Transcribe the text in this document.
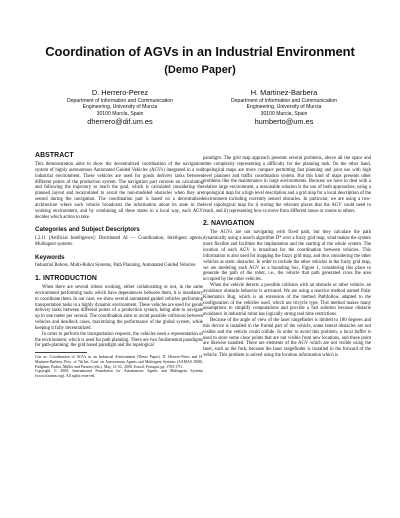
Coordination of AGVs in an Industrial Environment
(Demo Paper)
D. Herrero-Perez
Department of Information and Communication
Engineering, University of Murcia
30100 Murcia, Spain
dherrero@dif.um.es
H. Martinez-Barbera
Department of Information and Communication
Engineering, University of Murcia
30100 Murcia, Spain
humberto@um.es
ABSTRACT

This demonstration aims to show the decentralized coordination of the navigation system of highly autonomous Automated Guided Vehicles (AGVs) integrated in a real industrial environment. These vehicles are used for goods delivery tasks between different points of the production system. The navigation part consists on calculating and following the trajectory to reach the goal, which is calculated considering the planned layout and recalculated to avoid the non-modeled obstacles when they are sensed during the navigation. The coordination part is based on a decentralized architecture where each vehicle broadcasts the information about its state in the working environment, and by combining all these states in a local way, each AGV decides which action to take.

Categories and Subject Descriptors

I.2.11 [Artificial Intelligence]: Distributed AI — Coordination, Intelligent agents, Multiagent systems.

Keywords

Industrial Robots, Multi-Robot Systems, Path Planning, Automated Guided Vehicles

1. INTRODUCTION

When there are several robots working, either collaborating or not, in the same environment performing tasks which have dependences between them, it is mandatory to coordinate them. In our case, we show several automated guided vehicles performing transportation tasks in a highly dynamic environment. These vehicles are used for goods delivery tasks between different points of a production system, being able to navigate up to one meter per second. The coordination aims to avoid possible collisions between vehicles and deadlock cases, maximizing the performance of the global system, while keeping it fully decentralized.

In order to perform the transportation requests, the vehicles need a representation of the environment, which is used for path planning. There are two fundamental paradigms for path-planning: the grid based paradigm and the topological

Cite as: Coordination of AGVs in an Industrial Environment (Demo Paper), D. Herrero-Perez and H. Martinez-Barbera, Proc. of 7th Int. Conf. on Autonomous Agents and Multiagent Systems (AAMAS 2008), Padgham, Parkes, Müller and Parsons (eds.), May, 12-16., 2008, Estoril, Portugal, pp. 1703-1711.

Copyright © 2008, International Foundation for Autonomous Agents and Multiagent Systems (www.ifaamas.org). All rights reserved.

paradigm. The grid map approach presents several problems, above all the space and time complexity representing a difficulty for the planning task. On the other hand, topological maps are more compact permitting fast planning and joint use with high level planners and traffic coordination system. But this kind of maps presents other problems like the maintenance in large environments. Because we have to deal with a relative large environment, a reasonable solution is the use of both approaches, using a topological map for a high level description and a grid map for a local description of the environment including currently sensed obstacles. In particular, we are using a two-level topological map for i) storing the relevant places that the AGV could need to reach, and ii) representing how to move from different zones or rooms to others.

2. NAVIGATION

The AGVs are not navigating with fixed path, but they calculate the path dynamically using a search algorithm D* over a fuzzy grid map, what makes the system more flexible and facilities the implantation and the starting of the whole system. The location of each AGV is broadcast for the coordination between vehicles. This information is also used for mapping the fuzzy grid map, and thus considering the other vehicles as static obstacles. In order to include the other vehicles in the fuzzy grid map, we are modeling each AGV as a bounding box, Figure 1, considering this place to generate the path of the robot, i.e., the vehicle that path generated cross the area occupied by the other vehicles.

When the vehicle detects a possible collision with an obstacle or other vehicle, an avoidance obstacle behavior is activated. We are using a reactive method named Polar Kinematics Bug, which is an extension of the method Pathfollow adapted to the configuration of the vehicles used, which are tricycle type. This method makes many assumptions to simplify computations and provide a fast solution because obstacle avoidance in industrial robot has logically strong real time restrictions.

Because of the angle of view of the laser rangefinder is limited to 180 degrees and this device is installed in the frontal part of the vehicle, some lateral obstacles are not visible and the vehicle could collide. In order to avoid this problem, a local buffer is used to store some close points that are not visible from new locations, and these point are likewise handled. There are elements of the AGV which are not visible using the laser, such as the fork, because the laser rangefinder is installed in the forward of the vehicle. This problem is solved using the location information which is
